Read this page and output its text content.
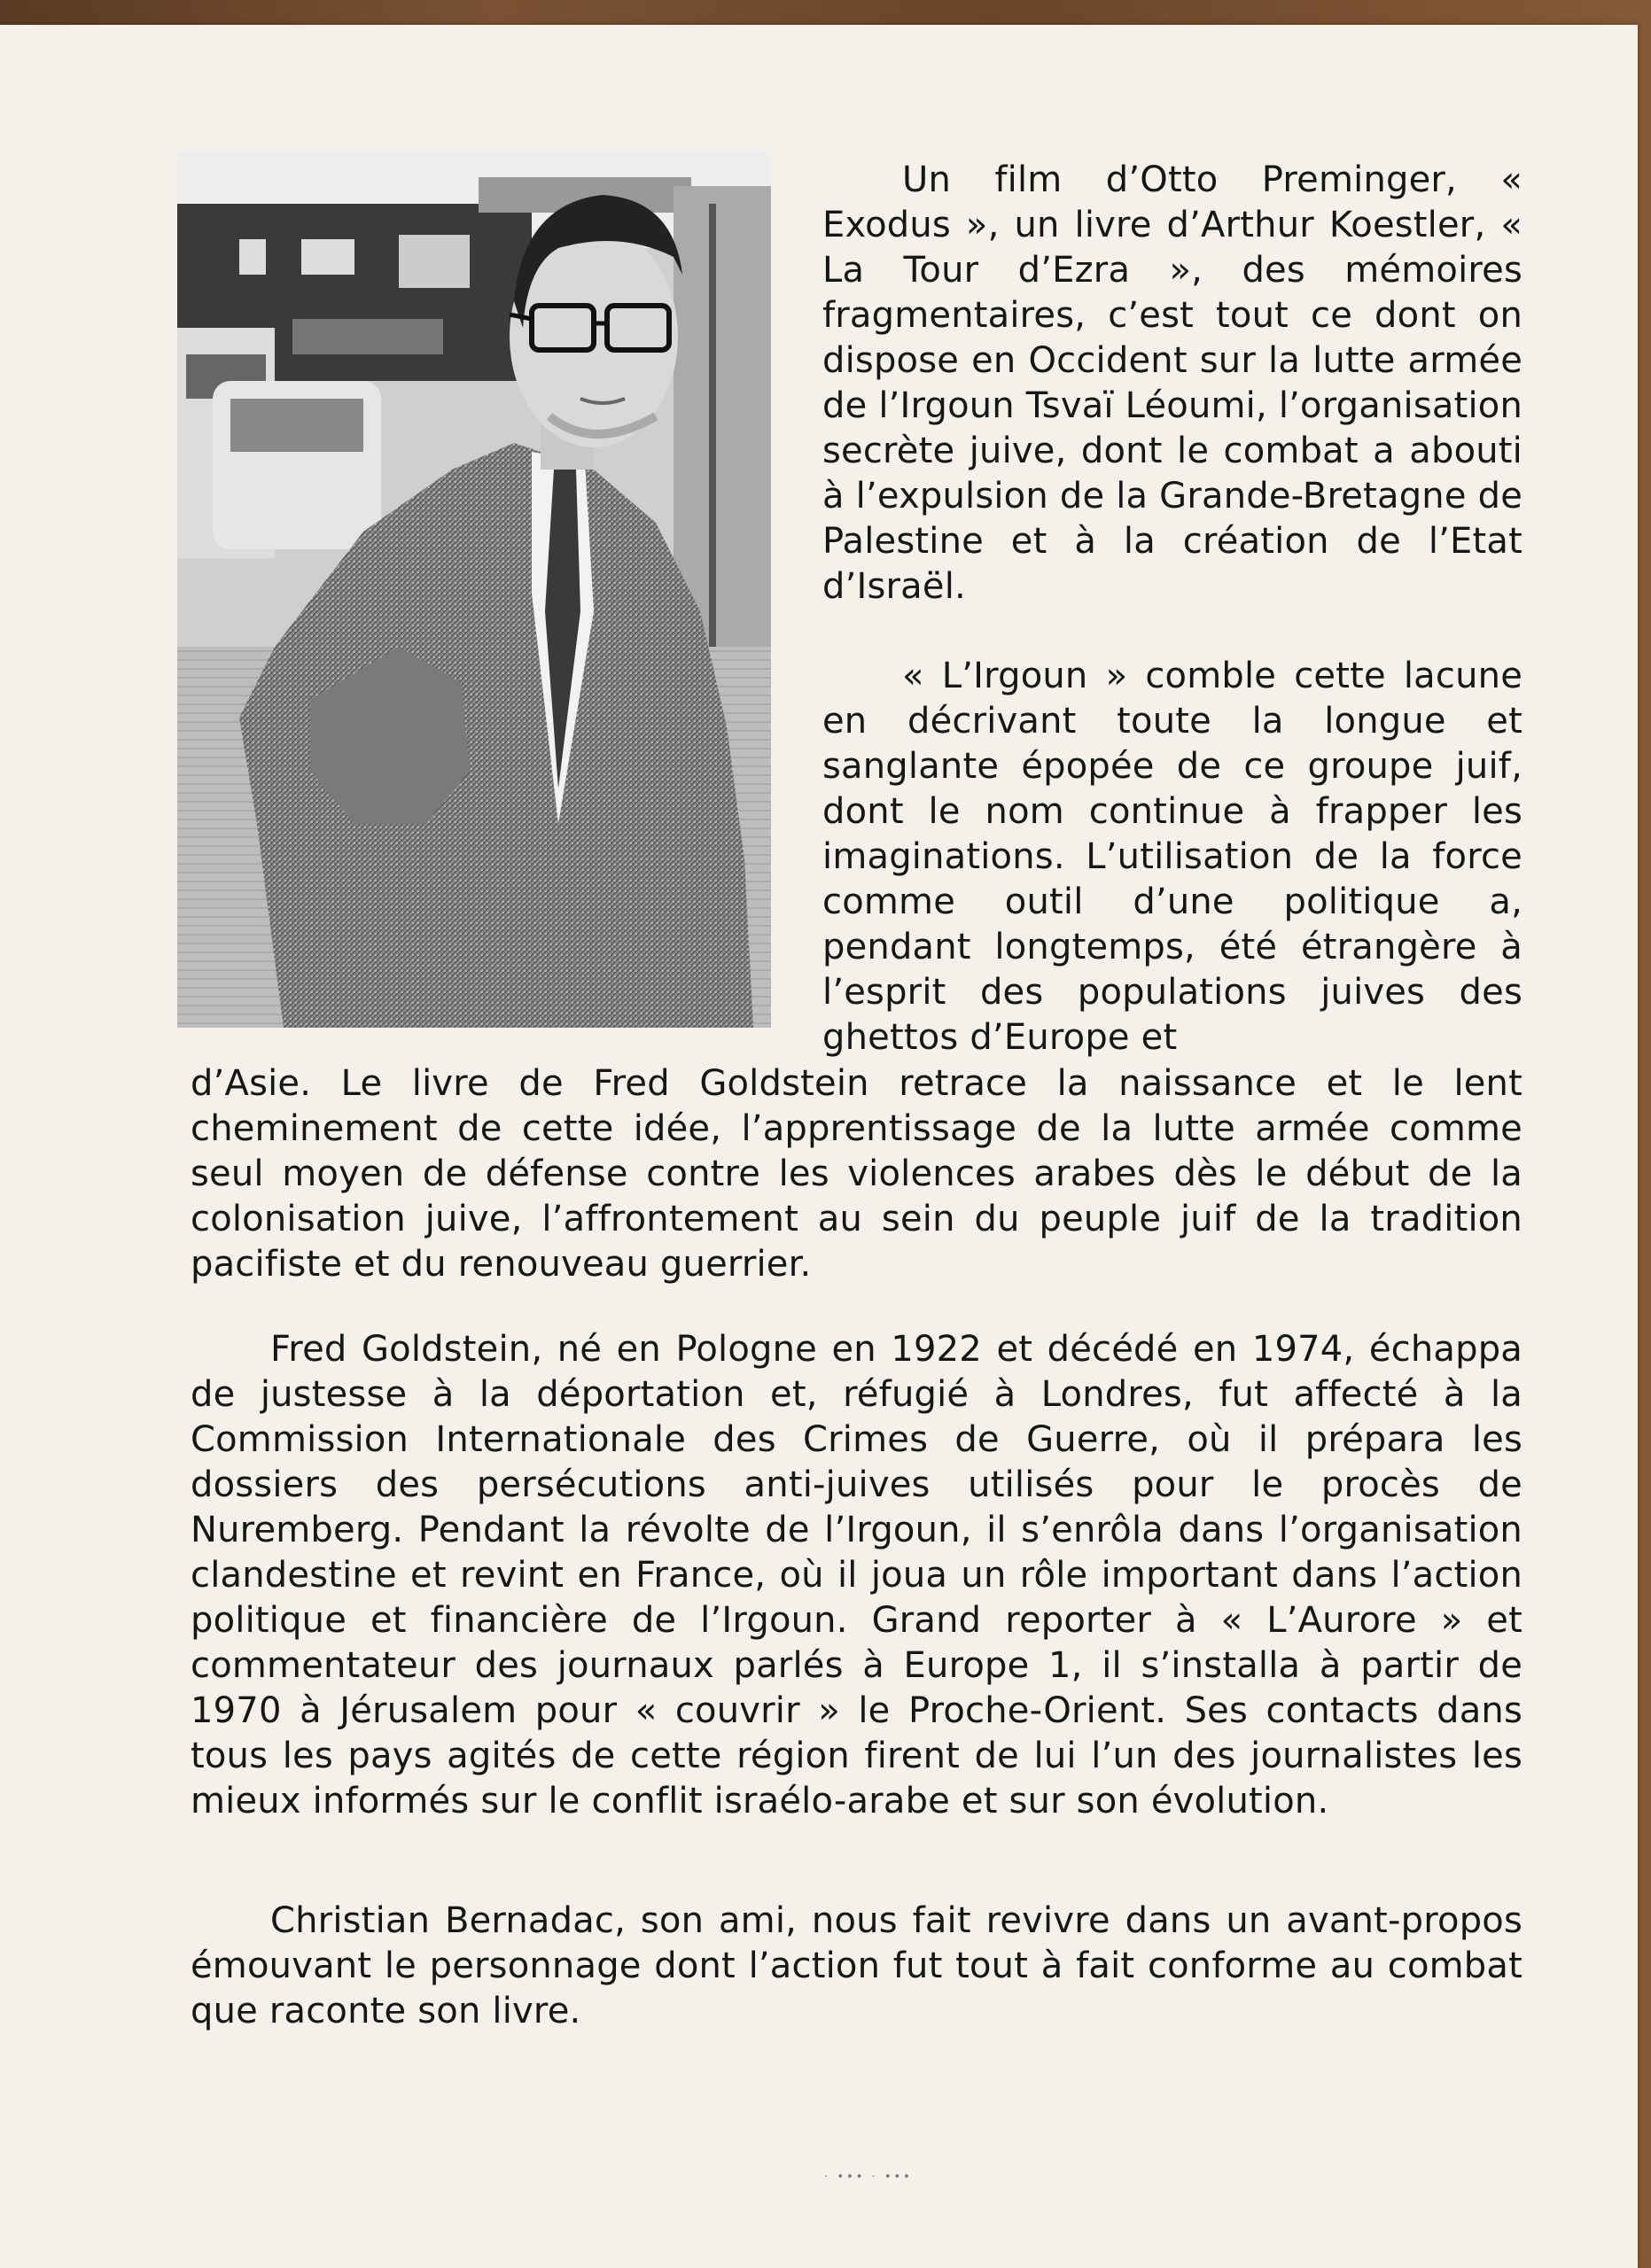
Un film d’Otto Preminger, « Exodus », un livre d’Arthur Koestler, « La Tour d’Ezra », des mémoires fragmentaires, c’est tout ce dont on dispose en Occident sur la lutte armée de l’Irgoun Tsvaï Léoumi, l’organisation secrète juive, dont le combat a abouti à l’expulsion de la Grande-Bretagne de Palestine et à la création de l’Etat d’Israël.
« L’Irgoun » comble cette lacune en décrivant toute la longue et sanglante épopée de ce groupe juif, dont le nom continue à frapper les imaginations. L’utilisation de la force comme outil d’une politique a, pendant longtemps, été étrangère à l’esprit des populations juives des ghettos d’Europe et
d’Asie. Le livre de Fred Goldstein retrace la naissance et le lent cheminement de cette idée, l’apprentissage de la lutte armée comme seul moyen de défense contre les violences arabes dès le début de la colonisation juive, l’affrontement au sein du peuple juif de la tradition pacifiste et du renouveau guerrier.
Fred Goldstein, né en Pologne en 1922 et décédé en 1974, échappa de justesse à la déportation et, réfugié à Londres, fut affecté à la Commission Internationale des Crimes de Guerre, où il prépara les dossiers des persécutions anti-juives utilisés pour le procès de Nuremberg. Pendant la révolte de l’Irgoun, il s’enrôla dans l’organisation clandestine et revint en France, où il joua un rôle important dans l’action politique et financière de l’Irgoun. Grand reporter à « L’Aurore » et commentateur des journaux parlés à Europe 1, il s’installa à partir de 1970 à Jérusalem pour « couvrir » le Proche-Orient. Ses contacts dans tous les pays agités de cette région firent de lui l’un des journalistes les mieux informés sur le conflit israélo-arabe et sur son évolution.
Christian Bernadac, son ami, nous fait revivre dans un avant-propos émouvant le personnage dont l’action fut tout à fait conforme au combat que raconte son livre.
· ••• · •••
